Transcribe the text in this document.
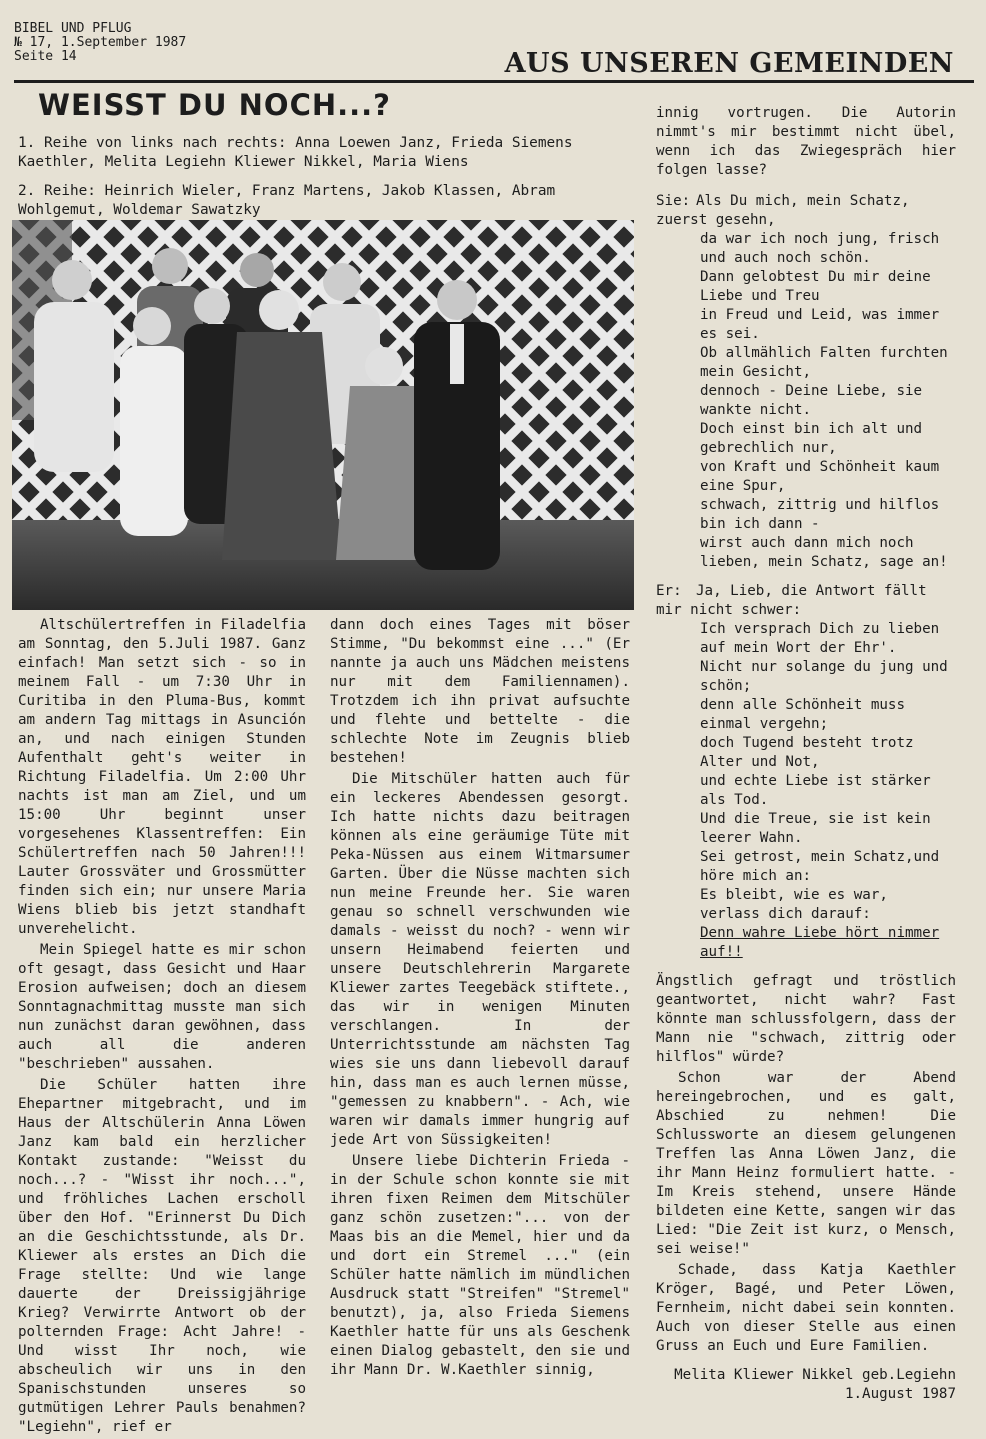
BIBEL UND PFLUG
№ 17, 1.September 1987
Seite 14	AUS UNSEREN GEMEINDEN
WEISST DU NOCH...?
1. Reihe von links nach rechts: Anna Loewen Janz, Frieda Siemens Kaethler, Melita Legiehn Kliewer Nikkel, Maria Wiens
2. Reihe: Heinrich Wieler, Franz Martens, Jakob Klassen, Abram Wohlgemut, Woldemar Sawatzky

Altschülertreffen in Filadelfia am Sonntag, den 5.Juli 1987. Ganz einfach! Man setzt sich - so in meinem Fall - um 7:30 Uhr in Curitiba in den Pluma-Bus, kommt am andern Tag mittags in Asunción an, und nach einigen Stunden Aufenthalt geht's weiter in Richtung Filadelfia. Um 2:00 Uhr nachts ist man am Ziel, und um 15:00 Uhr beginnt unser vorgesehenes Klassentreffen: Ein Schülertreffen nach 50 Jahren!!! Lauter Grossväter und Grossmütter finden sich ein; nur unsere Maria Wiens blieb bis jetzt standhaft unverehelicht.

Mein Spiegel hatte es mir schon oft gesagt, dass Gesicht und Haar Erosion aufweisen; doch an diesem Sonntagnachmittag musste man sich nun zunächst daran gewöhnen, dass auch all die anderen "beschrieben" aussahen.

Die Schüler hatten ihre Ehepartner mitgebracht, und im Haus der Altschülerin Anna Löwen Janz kam bald ein herzlicher Kontakt zustande: "Weisst du noch...? - "Wisst ihr noch...", und fröhliches Lachen erscholl über den Hof. "Erinnerst Du Dich an die Geschichtsstunde, als Dr. Kliewer als erstes an Dich die Frage stellte: Und wie lange dauerte der Dreissigjährige Krieg? Verwirrte Antwort ob der polternden Frage: Acht Jahre! - Und wisst Ihr noch, wie abscheulich wir uns in den Spanischstunden unseres so gutmütigen Lehrer Pauls benahmen? "Legiehn", rief er

dann doch eines Tages mit böser Stimme, "Du bekommst eine ..." (Er nannte ja auch uns Mädchen meistens nur mit dem Familiennamen). Trotzdem ich ihn privat aufsuchte und flehte und bettelte - die schlechte Note im Zeugnis blieb bestehen!

Die Mitschüler hatten auch für ein leckeres Abendessen gesorgt. Ich hatte nichts dazu beitragen können als eine geräumige Tüte mit Peka-Nüssen aus einem Witmarsumer Garten. Über die Nüsse machten sich nun meine Freunde her. Sie waren genau so schnell verschwunden wie damals - weisst du noch? - wenn wir unsern Heimabend feierten und unsere Deutschlehrerin Margarete Kliewer zartes Teegebäck stiftete., das wir in wenigen Minuten verschlangen. In der Unterrichtsstunde am nächsten Tag wies sie uns dann liebevoll darauf hin, dass man es auch lernen müsse, "gemessen zu knabbern". - Ach, wie waren wir damals immer hungrig auf jede Art von Süssigkeiten!

Unsere liebe Dichterin Frieda - in der Schule schon konnte sie mit ihren fixen Reimen dem Mitschüler ganz schön zusetzen:"... von der Maas bis an die Memel, hier und da und dort ein Stremel ..." (ein Schüler hatte nämlich im mündlichen Ausdruck statt "Streifen" "Stremel" benutzt), ja, also Frieda Siemens Kaethler hatte für uns als Geschenk einen Dialog gebastelt, den sie und ihr Mann Dr. W.Kaethler sinnig,

innig vortrugen. Die Autorin nimmt's mir bestimmt nicht übel, wenn ich das Zwiegespräch hier folgen lasse?

Sie: Als Du mich, mein Schatz, zuerst gesehn,
da war ich noch jung, frisch und auch noch schön.
Dann gelobtest Du mir deine Liebe und Treu
in Freud und Leid, was immer es sei.
Ob allmählich Falten furchten mein Gesicht,
dennoch - Deine Liebe, sie wankte nicht.
Doch einst bin ich alt und gebrechlich nur,
von Kraft und Schönheit kaum eine Spur,
schwach, zittrig und hilflos bin ich dann -
wirst auch dann mich noch lieben, mein Schatz, sage an!
Er: Ja, Lieb, die Antwort fällt mir nicht schwer:
Ich versprach Dich zu lieben auf mein Wort der Ehr'.
Nicht nur solange du jung und schön;
denn alle Schönheit muss einmal vergehn;
doch Tugend besteht trotz Alter und Not,
und echte Liebe ist stärker als Tod.
Und die Treue, sie ist kein leerer Wahn.
Sei getrost, mein Schatz,und höre mich an:
Es bleibt, wie es war, verlass dich darauf:
Denn wahre Liebe hört nimmer auf!!

Ängstlich gefragt und tröstlich geantwortet, nicht wahr? Fast könnte man schlussfolgern, dass der Mann nie "schwach, zittrig oder hilflos" würde?

Schon war der Abend hereingebrochen, und es galt, Abschied zu nehmen! Die Schlussworte an diesem gelungenen Treffen las Anna Löwen Janz, die ihr Mann Heinz formuliert hatte. - Im Kreis stehend, unsere Hände bildeten eine Kette, sangen wir das Lied: "Die Zeit ist kurz, o Mensch, sei weise!"

Schade, dass Katja Kaethler Kröger, Bagé, und Peter Löwen, Fernheim, nicht dabei sein konnten. Auch von dieser Stelle aus einen Gruss an Euch und Eure Familien.

Melita Kliewer Nikkel geb.Legiehn
1.August 1987
